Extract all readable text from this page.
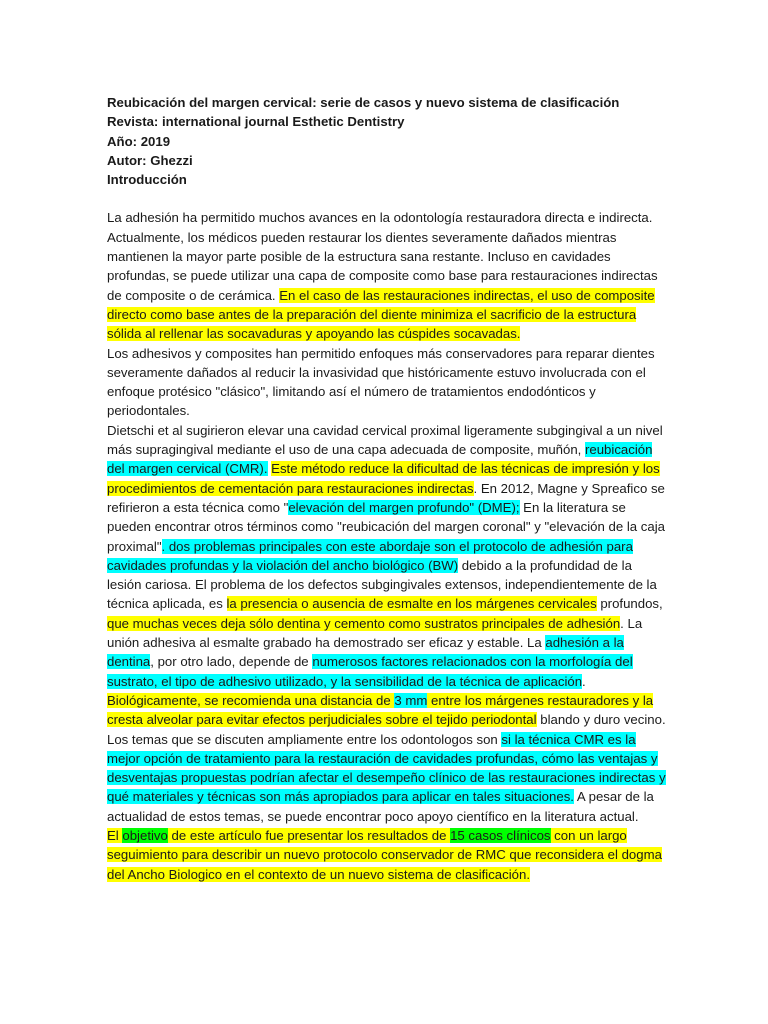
Reubicación del margen cervical: serie de casos y nuevo sistema de clasificación
Revista: international journal Esthetic Dentistry
Año: 2019
Autor: Ghezzi
Introducción

La adhesión ha permitido muchos avances en la odontología restauradora directa e indirecta. Actualmente, los médicos pueden restaurar los dientes severamente dañados mientras mantienen la mayor parte posible de la estructura sana restante. Incluso en cavidades profundas, se puede utilizar una capa de composite como base para restauraciones indirectas de composite o de cerámica. En el caso de las restauraciones indirectas, el uso de composite directo como base antes de la preparación del diente minimiza el sacrificio de la estructura sólida al rellenar las socavaduras y apoyando las cúspides socavadas.

Los adhesivos y composites han permitido enfoques más conservadores para reparar dientes severamente dañados al reducir la invasividad que históricamente estuvo involucrada con el enfoque protésico "clásico", limitando así el número de tratamientos endodónticos y periodontales.

Dietschi et al sugirieron elevar una cavidad cervical proximal ligeramente subgingival a un nivel más supragingival mediante el uso de una capa adecuada de composite, muñón, reubicación del margen cervical (CMR). Este método reduce la dificultad de las técnicas de impresión y los procedimientos de cementación para restauraciones indirectas. En 2012, Magne y Spreafico se refirieron a esta técnica como "elevación del margen profundo" (DME); En la literatura se pueden encontrar otros términos como "reubicación del margen coronal" y "elevación de la caja proximal". dos problemas principales con este abordaje son el protocolo de adhesión para cavidades profundas y la violación del ancho biológico (BW) debido a la profundidad de la lesión cariosa. El problema de los defectos subgingivales extensos, independientemente de la técnica aplicada, es la presencia o ausencia de esmalte en los márgenes cervicales profundos, que muchas veces deja sólo dentina y cemento como sustratos principales de adhesión. La unión adhesiva al esmalte grabado ha demostrado ser eficaz y estable. La adhesión a la dentina, por otro lado, depende de numerosos factores relacionados con la morfología del sustrato, el tipo de adhesivo utilizado, y la sensibilidad de la técnica de aplicación. Biológicamente, se recomienda una distancia de 3 mm entre los márgenes restauradores y la cresta alveolar para evitar efectos perjudiciales sobre el tejido periodontal blando y duro vecino.

Los temas que se discuten ampliamente entre los odontologos son si la técnica CMR es la mejor opción de tratamiento para la restauración de cavidades profundas, cómo las ventajas y desventajas propuestas podrían afectar el desempeño clínico de las restauraciones indirectas y qué materiales y técnicas son más apropiados para aplicar en tales situaciones. A pesar de la actualidad de estos temas, se puede encontrar poco apoyo científico en la literatura actual.

El objetivo de este artículo fue presentar los resultados de 15 casos clínicos con un largo seguimiento para describir un nuevo protocolo conservador de RMC que reconsidera el dogma del Ancho Biologico en el contexto de un nuevo sistema de clasificación.
